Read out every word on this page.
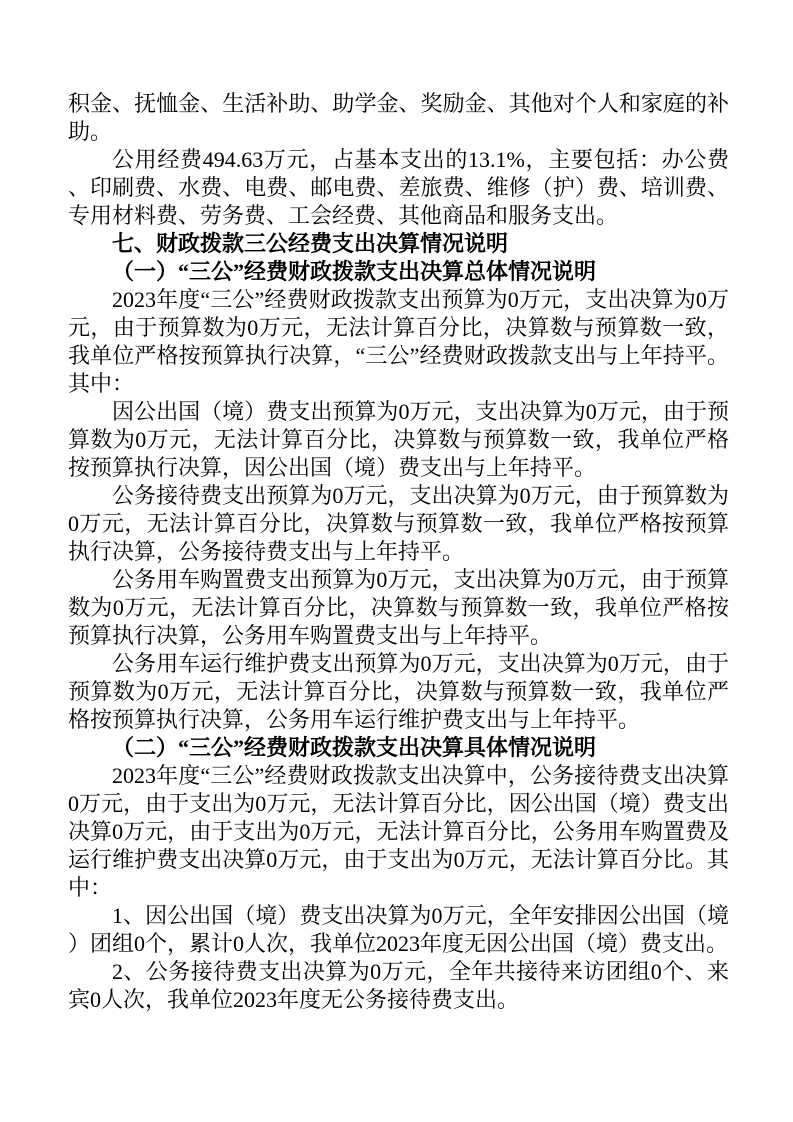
积金、抚恤金、生活补助、助学金、奖励金、其他对个人和家庭的补助。

公用经费494.63万元，占基本支出的13.1%，主要包括：办公费、印刷费、水费、电费、邮电费、差旅费、维修（护）费、培训费、专用材料费、劳务费、工会经费、其他商品和服务支出。

七、财政拨款三公经费支出决算情况说明

（一）“三公”经费财政拨款支出决算总体情况说明

2023年度“三公”经费财政拨款支出预算为0万元，支出决算为0万元，由于预算数为0万元，无法计算百分比，决算数与预算数一致，我单位严格按预算执行决算，“三公”经费财政拨款支出与上年持平。其中：

因公出国（境）费支出预算为0万元，支出决算为0万元，由于预算数为0万元，无法计算百分比，决算数与预算数一致，我单位严格按预算执行决算，因公出国（境）费支出与上年持平。

公务接待费支出预算为0万元，支出决算为0万元，由于预算数为0万元，无法计算百分比，决算数与预算数一致，我单位严格按预算执行决算，公务接待费支出与上年持平。

公务用车购置费支出预算为0万元，支出决算为0万元，由于预算数为0万元，无法计算百分比，决算数与预算数一致，我单位严格按预算执行决算，公务用车购置费支出与上年持平。

公务用车运行维护费支出预算为0万元，支出决算为0万元，由于预算数为0万元，无法计算百分比，决算数与预算数一致，我单位严格按预算执行决算，公务用车运行维护费支出与上年持平。

（二）“三公”经费财政拨款支出决算具体情况说明

2023年度“三公”经费财政拨款支出决算中，公务接待费支出决算0万元，由于支出为0万元，无法计算百分比，因公出国（境）费支出决算0万元，由于支出为0万元，无法计算百分比，公务用车购置费及运行维护费支出决算0万元，由于支出为0万元，无法计算百分比。其中：

1、因公出国（境）费支出决算为0万元，全年安排因公出国（境）团组0个，累计0人次，我单位2023年度无因公出国（境）费支出。

2、公务接待费支出决算为0万元，全年共接待来访团组0个、来宾0人次，我单位2023年度无公务接待费支出。
